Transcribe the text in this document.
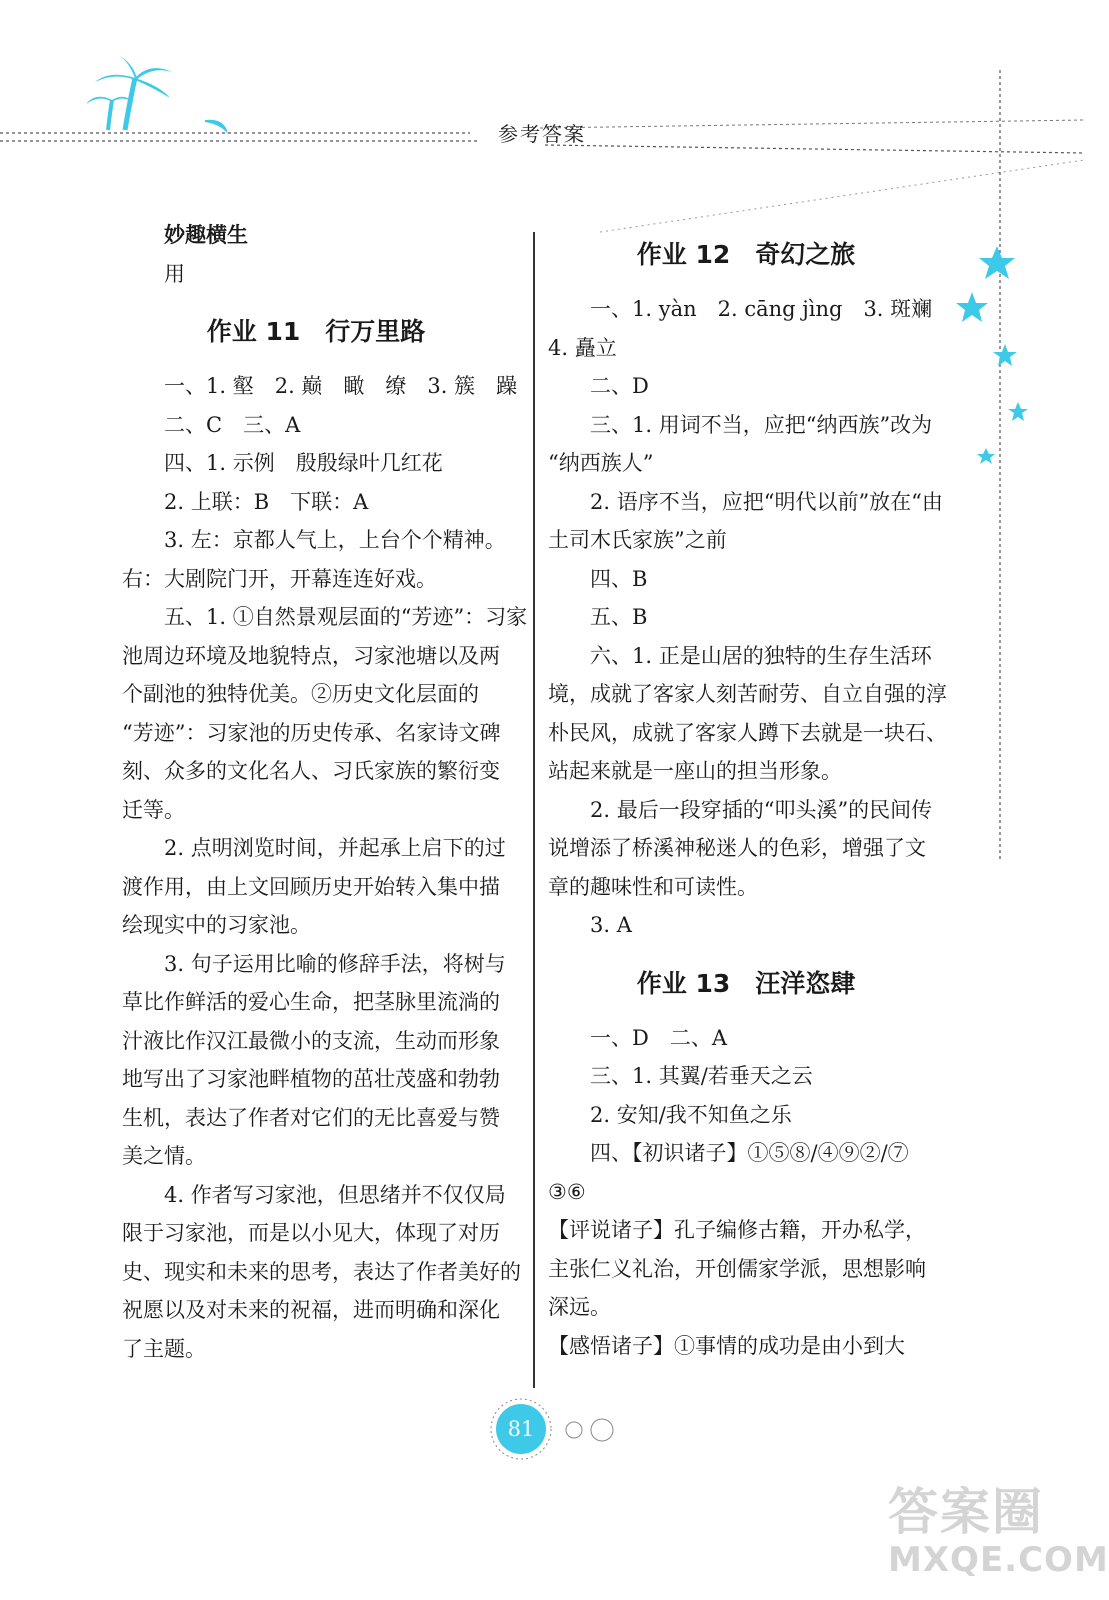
参考答案
妙趣横生
用
作业 11　行万里路
一、1. 壑　2. 巅　瞰　缭　3. 簇　躁
二、C　三、A
四、1. 示例　殷殷绿叶几红花
2. 上联：B　下联：A
3. 左：京都人气上，上台个个精神。
右：大剧院门开，开幕连连好戏。
五、1. ①自然景观层面的“芳迹”：习家
池周边环境及地貌特点，习家池塘以及两
个副池的独特优美。②历史文化层面的
“芳迹”：习家池的历史传承、名家诗文碑
刻、众多的文化名人、习氏家族的繁衍变
迁等。
2. 点明浏览时间，并起承上启下的过
渡作用，由上文回顾历史开始转入集中描
绘现实中的习家池。
3. 句子运用比喻的修辞手法，将树与
草比作鲜活的爱心生命，把茎脉里流淌的
汁液比作汉江最微小的支流，生动而形象
地写出了习家池畔植物的茁壮茂盛和勃勃
生机，表达了作者对它们的无比喜爱与赞
美之情。
4. 作者写习家池，但思绪并不仅仅局
限于习家池，而是以小见大，体现了对历
史、现实和未来的思考，表达了作者美好的
祝愿以及对未来的祝福，进而明确和深化
了主题。
作业 12　奇幻之旅
一、1. yàn　2. cāng jìng　3. 斑斓
4. 矗立
二、D
三、1. 用词不当，应把“纳西族”改为
“纳西族人”
2. 语序不当，应把“明代以前”放在“由
土司木氏家族”之前
四、B
五、B
六、1. 正是山居的独特的生存生活环
境，成就了客家人刻苦耐劳、自立自强的淳
朴民风，成就了客家人蹲下去就是一块石、
站起来就是一座山的担当形象。
2. 最后一段穿插的“叩头溪”的民间传
说增添了桥溪神秘迷人的色彩，增强了文
章的趣味性和可读性。
3. A
作业 13　汪洋恣肆
一、D　二、A
三、1. 其翼/若垂天之云
2. 安知/我不知鱼之乐
四、【初识诸子】①⑤⑧/④⑨②/⑦
③⑥
【评说诸子】孔子编修古籍，开办私学，
主张仁义礼治，开创儒家学派，思想影响
深远。
【感悟诸子】①事情的成功是由小到大
81
答案圈
MXQE.COM
